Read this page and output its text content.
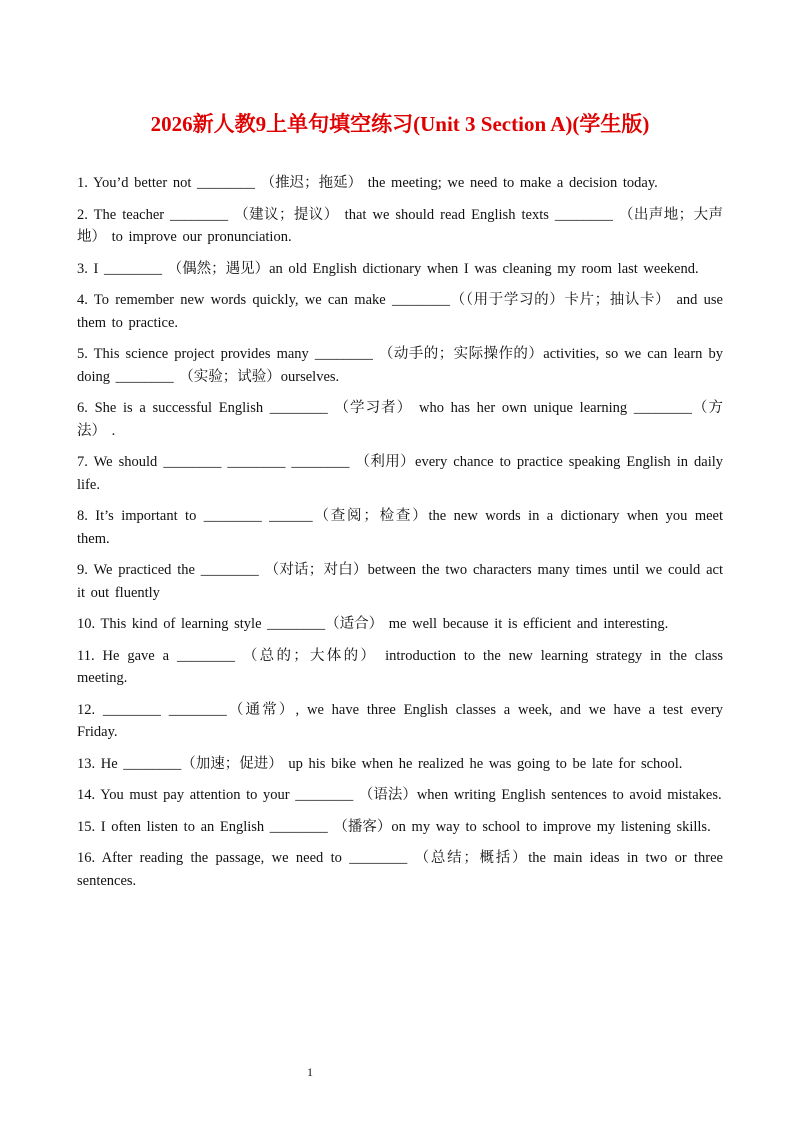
2026新人教9上单句填空练习(Unit 3 Section A)(学生版)
1. You’d better not ________ （推迟；拖延） the meeting; we need to make a decision today.
2. The teacher ________ （建议；提议） that we should read English texts ________ （出声地；大声地） to improve our pronunciation.
3. I ________ （偶然；遇见）an old English dictionary when I was cleaning my room last weekend.
4. To remember new words quickly, we can make ________（（用于学习的）卡片；抽认卡） and use them to practice.
5. This science project provides many ________ （动手的；实际操作的）activities, so we can learn by doing ________ （实验；试验）ourselves.
6. She is a successful English ________ （学习者） who has her own unique learning ________（方法） .
7. We should ________ ________ ________ （利用）every chance to practice speaking English in daily life.
8. It’s important to ________ ______（查阅；检查）the new words in a dictionary when you meet them.
9. We practiced the ________ （对话；对白）between the two characters many times until we could act it out fluently
10. This kind of learning style ________（适合） me well because it is efficient and interesting.
11. He gave a ________ （总的；大体的） introduction to the new learning strategy in the class meeting.
12. ________ ________（通常）, we have three English classes a week, and we have a test every Friday.
13. He ________（加速；促进） up his bike when he realized he was going to be late for school.
14. You must pay attention to your ________ （语法）when writing English sentences to avoid mistakes.
15. I often listen to an English ________ （播客）on my way to school to improve my listening skills.
16. After reading the passage, we need to ________ （总结；概括）the main ideas in two or three sentences.
1
